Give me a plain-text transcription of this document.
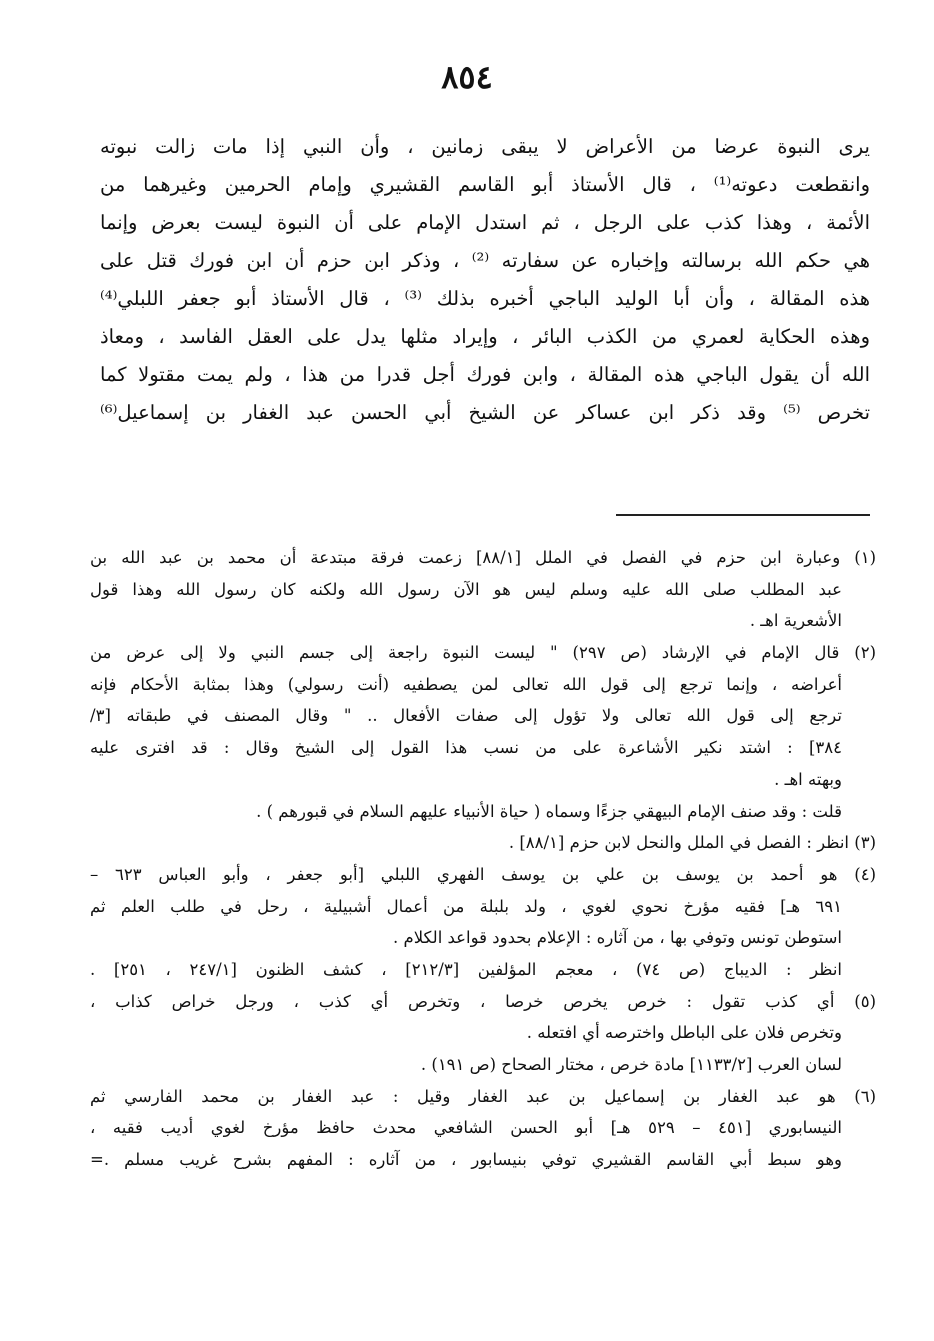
٨٥٤
يرى النبوة عرضا من الأعراض لا يبقى زمانين ، وأن النبي إذا مات زالت نبوته
وانقطعت دعوته⁽¹⁾ ، قال الأستاذ أبو القاسم القشيري وإمام الحرمين وغيرهما من
الأئمة ، وهذا كذب على الرجل ، ثم استدل الإمام على أن النبوة ليست بعرض وإنما
هي حكم الله برسالته وإخباره عن سفارته ⁽²⁾ ، وذكر ابن حزم أن ابن فورك قتل على
هذه المقالة ، وأن أبا الوليد الباجي أخبره بذلك ⁽³⁾ ، قال الأستاذ أبو جعفر اللبلي⁽⁴⁾
وهذه الحكاية لعمري من الكذب البائر ، وإيراد مثلها يدل على العقل الفاسد ، ومعاذ
الله أن يقول الباجي هذه المقالة ، وابن فورك أجل قدرا من هذا ، ولم يمت مقتولا كما
تخرص ⁽⁵⁾ وقد ذكر ابن عساكر عن الشيخ أبي الحسن عبد الغفار بن إسماعيل⁽⁶⁾
(١) وعبارة ابن حزم في الفصل في الملل [٨٨/١] زعمت فرقة مبتدعة أن محمد بن عبد الله بن
عبد المطلب صلى الله عليه وسلم ليس هو الآن رسول الله ولكنه كان رسول الله وهذا قول
الأشعرية اهـ .
(٢) قال الإمام في الإرشاد (ص ٢٩٧) " ليست النبوة راجعة إلى جسم النبي ولا إلى عرض من
أعراضه ، وإنما ترجع إلى قول الله تعالى لمن يصطفيه (أنت رسولي) وهذا بمثابة الأحكام فإنه
ترجع إلى قول الله تعالى ولا تؤول إلى صفات الأفعال .. " وقال المصنف في طبقاته [٣/
٣٨٤] : اشتد نكير الأشاعرة على من نسب هذا القول إلى الشيخ وقال : قد افترى عليه
وبهته اهـ .
قلت : وقد صنف الإمام البيهقي جزءًا وسماه ( حياة الأنبياء عليهم السلام في قبورهم ) .
(٣) انظر : الفصل في الملل والنحل لابن حزم [٨٨/١] .
(٤) هو أحمد بن يوسف بن علي بن يوسف الفهري اللبلي [أبو جعفر ، وأبو العباس ٦٢٣ –
٦٩١ هـ] فقيه مؤرخ نحوي لغوي ، ولد بلبلة من أعمال أشبيلية ، رحل في طلب العلم ثم
استوطن تونس وتوفي بها ، من آثاره : الإعلام بحدود قواعد الكلام .
انظر : الديباج (ص ٧٤) ، معجم المؤلفين [٢١٢/٣] ، كشف الظنون [٢٤٧/١ ، ٢٥١] .
(٥) أي كذب تقول : خرص يخرص خرصا ، وتخرص أي كذب ، ورجل خراص كذاب ،
وتخرص فلان على الباطل واخترصه أي افتعله .
لسان العرب [١١٣٣/٢] مادة خرص ، مختار الصحاح (ص ١٩١) .
(٦) هو عبد الغفار بن إسماعيل بن عبد الغفار وقيل : عبد الغفار بن محمد الفارسي ثم
النيسابوري [٤٥١ – ٥٢٩ هـ] أبو الحسن الشافعي محدث حافظ مؤرخ لغوي أديب فقيه ،
وهو سبط أبي القاسم القشيري توفي بنيسابور ، من آثاره : المفهم بشرح غريب مسلم .=
